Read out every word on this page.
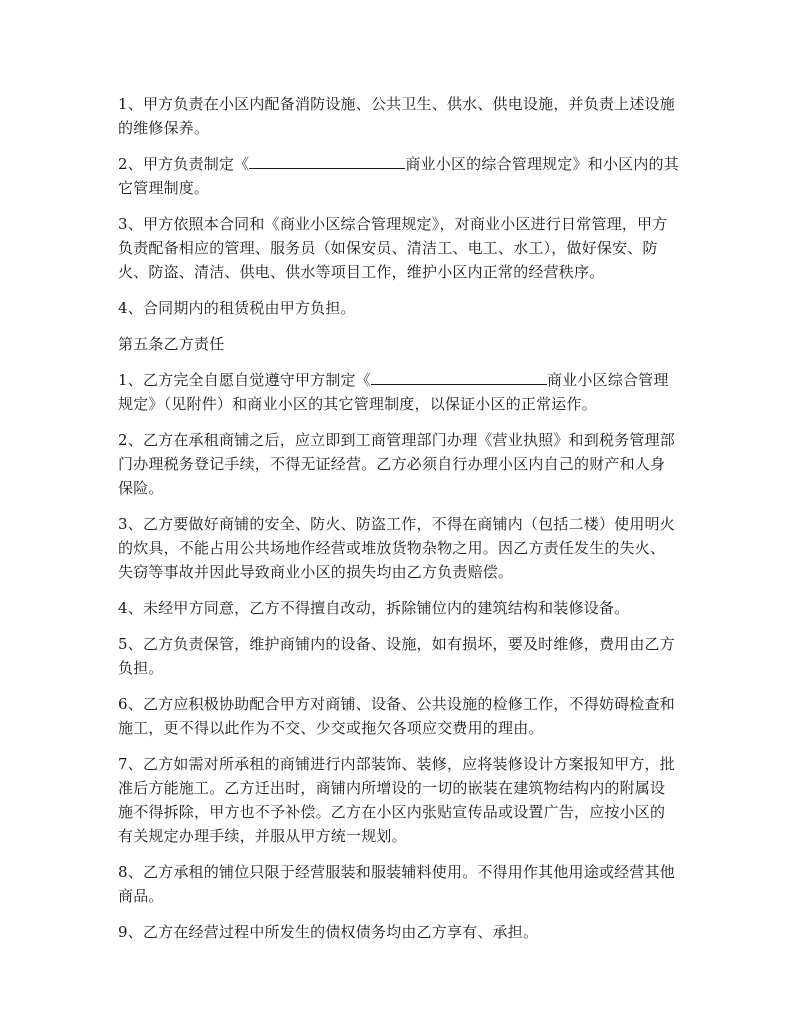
1、甲方负责在小区内配备消防设施、公共卫生、供水、供电设施，并负责上述设施的维修保养。

2、甲方负责制定《	商业小区的综合管理规定》和小区内的其它管理制度。

3、甲方依照本合同和《商业小区综合管理规定》，对商业小区进行日常管理，甲方负责配备相应的管理、服务员（如保安员、清洁工、电工、水工），做好保安、防火、防盗、清洁、供电、供水等项目工作，维护小区内正常的经营秩序。

4、合同期内的租赁税由甲方负担。

第五条乙方责任

1、乙方完全自愿自觉遵守甲方制定《	商业小区综合管理规定》（见附件）和商业小区的其它管理制度，以保证小区的正常运作。

2、乙方在承租商铺之后，应立即到工商管理部门办理《营业执照》和到税务管理部门办理税务登记手续，不得无证经营。乙方必须自行办理小区内自己的财产和人身保险。

3、乙方要做好商铺的安全、防火、防盗工作，不得在商铺内（包括二楼）使用明火的炊具，不能占用公共场地作经营或堆放货物杂物之用。因乙方责任发生的失火、失窃等事故并因此导致商业小区的损失均由乙方负责赔偿。

4、未经甲方同意，乙方不得擅自改动，拆除铺位内的建筑结构和装修设备。

5、乙方负责保管，维护商铺内的设备、设施，如有损坏，要及时维修，费用由乙方负担。

6、乙方应积极协助配合甲方对商铺、设备、公共设施的检修工作，不得妨碍检查和施工，更不得以此作为不交、少交或拖欠各项应交费用的理由。

7、乙方如需对所承租的商铺进行内部装饰、装修，应将装修设计方案报知甲方，批准后方能施工。乙方迁出时，商铺内所增设的一切的嵌装在建筑物结构内的附属设施不得拆除，甲方也不予补偿。乙方在小区内张贴宣传品或设置广告，应按小区的有关规定办理手续，并服从甲方统一规划。

8、乙方承租的铺位只限于经营服装和服装辅料使用。不得用作其他用途或经营其他商品。

9、乙方在经营过程中所发生的债权债务均由乙方享有、承担。
